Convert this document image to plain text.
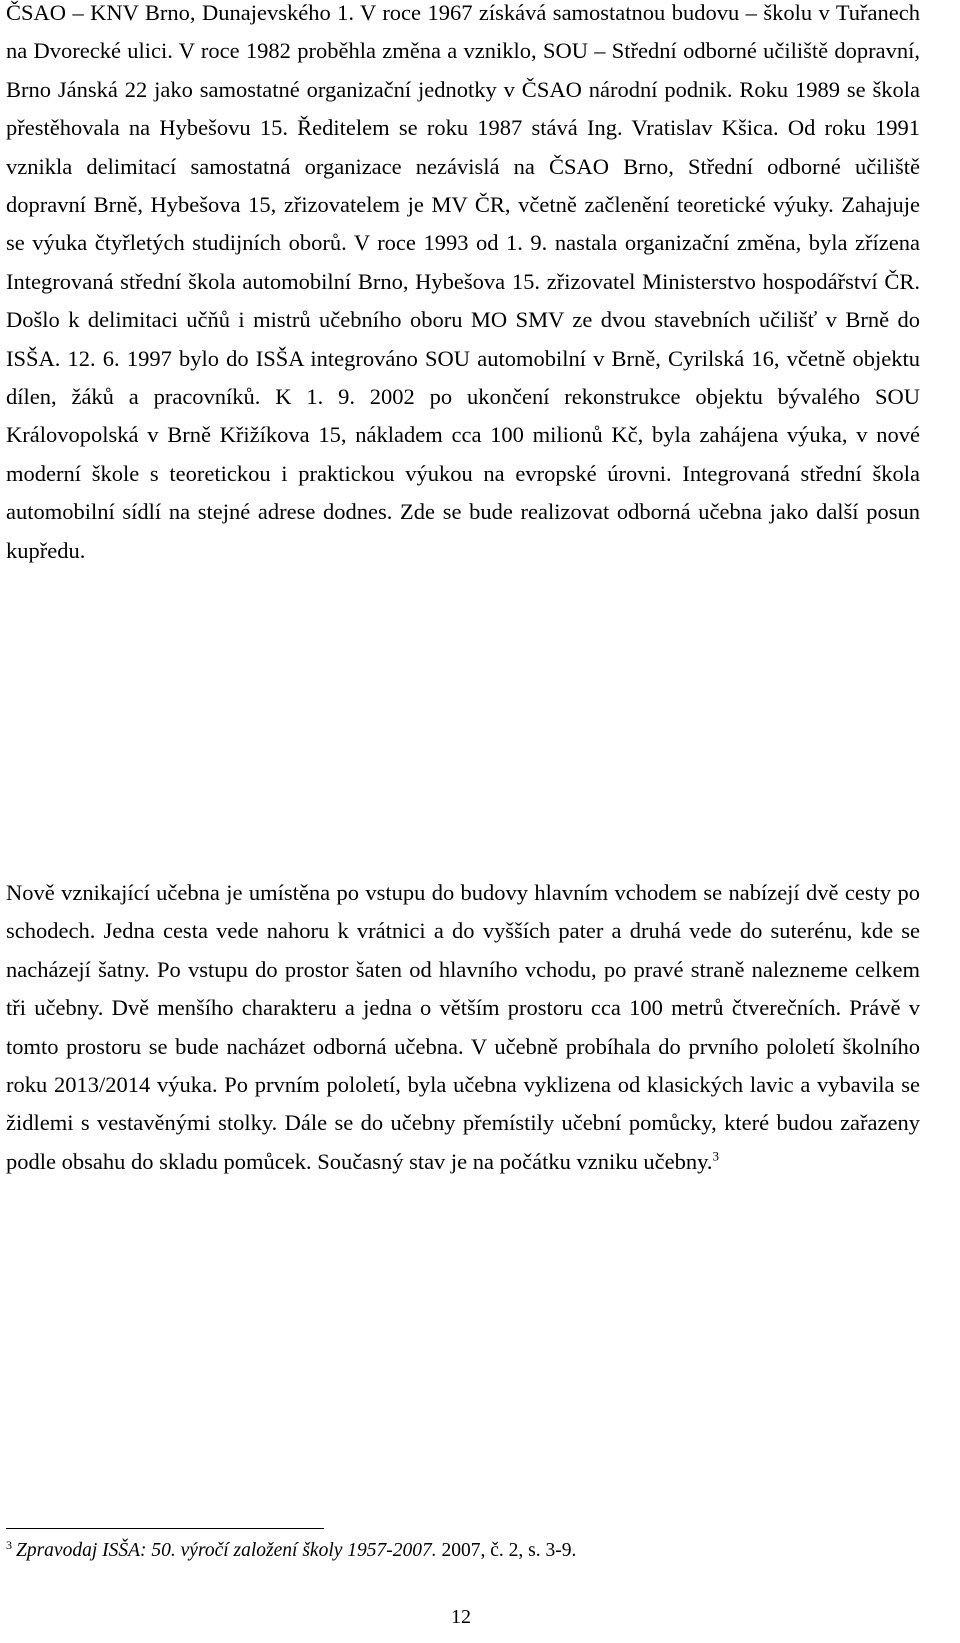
ČSAO – KNV Brno, Dunajevského 1. V roce 1967 získává samostatnou budovu – školu v Tuřanech na Dvorecké ulici. V roce 1982 proběhla změna a vzniklo, SOU – Střední odborné učiliště dopravní, Brno Jánská 22 jako samostatné organizační jednotky v ČSAO národní podnik. Roku 1989 se škola přestěhovala na Hybešovu 15. Ředitelem se roku 1987 stává Ing. Vratislav Kšica. Od roku 1991 vznikla delimitací samostatná organizace nezávislá na ČSAO Brno, Střední odborné učiliště dopravní Brně, Hybešova 15, zřizovatelem je MV ČR, včetně začlenění teoretické výuky. Zahajuje se výuka čtyřletých studijních oborů. V roce 1993 od 1. 9. nastala organizační změna, byla zřízena Integrovaná střední škola automobilní Brno, Hybešova 15. zřizovatel Ministerstvo hospodářství ČR. Došlo k delimitaci učňů i mistrů učebního oboru MO SMV ze dvou stavebních učilišť v Brně do ISŠA. 12. 6. 1997 bylo do ISŠA integrováno SOU automobilní v Brně, Cyrilská 16, včetně objektu dílen, žáků a pracovníků. K 1. 9. 2002 po ukončení rekonstrukce objektu bývalého SOU Královopolská v Brně Křižíkova 15, nákladem cca 100 milionů Kč, byla zahájena výuka, v nové moderní škole s teoretickou i praktickou výukou na evropské úrovni. Integrovaná střední škola automobilní sídlí na stejné adrese dodnes. Zde se bude realizovat odborná učebna jako další posun kupředu.

Nově vznikající učebna je umístěna po vstupu do budovy hlavním vchodem se nabízejí dvě cesty po schodech. Jedna cesta vede nahoru k vrátnici a do vyšších pater a druhá vede do suterénu, kde se nacházejí šatny. Po vstupu do prostor šaten od hlavního vchodu, po pravé straně nalezneme celkem tři učebny. Dvě menšího charakteru a jedna o větším prostoru cca 100 metrů čtverečních. Právě v tomto prostoru se bude nacházet odborná učebna. V učebně probíhala do prvního pololetí školního roku 2013/2014 výuka. Po prvním pololetí, byla učebna vyklizena od klasických lavic a vybavila se židlemi s vestavěnými stolky. Dále se do učebny přemístily učební pomůcky, které budou zařazeny podle obsahu do skladu pomůcek. Současný stav je na počátku vzniku učebny.$^3$

$^3$ Zpravodaj ISŠA: 50. výročí založení školy 1957-2007. 2007, č. 2, s. 3-9.

12
